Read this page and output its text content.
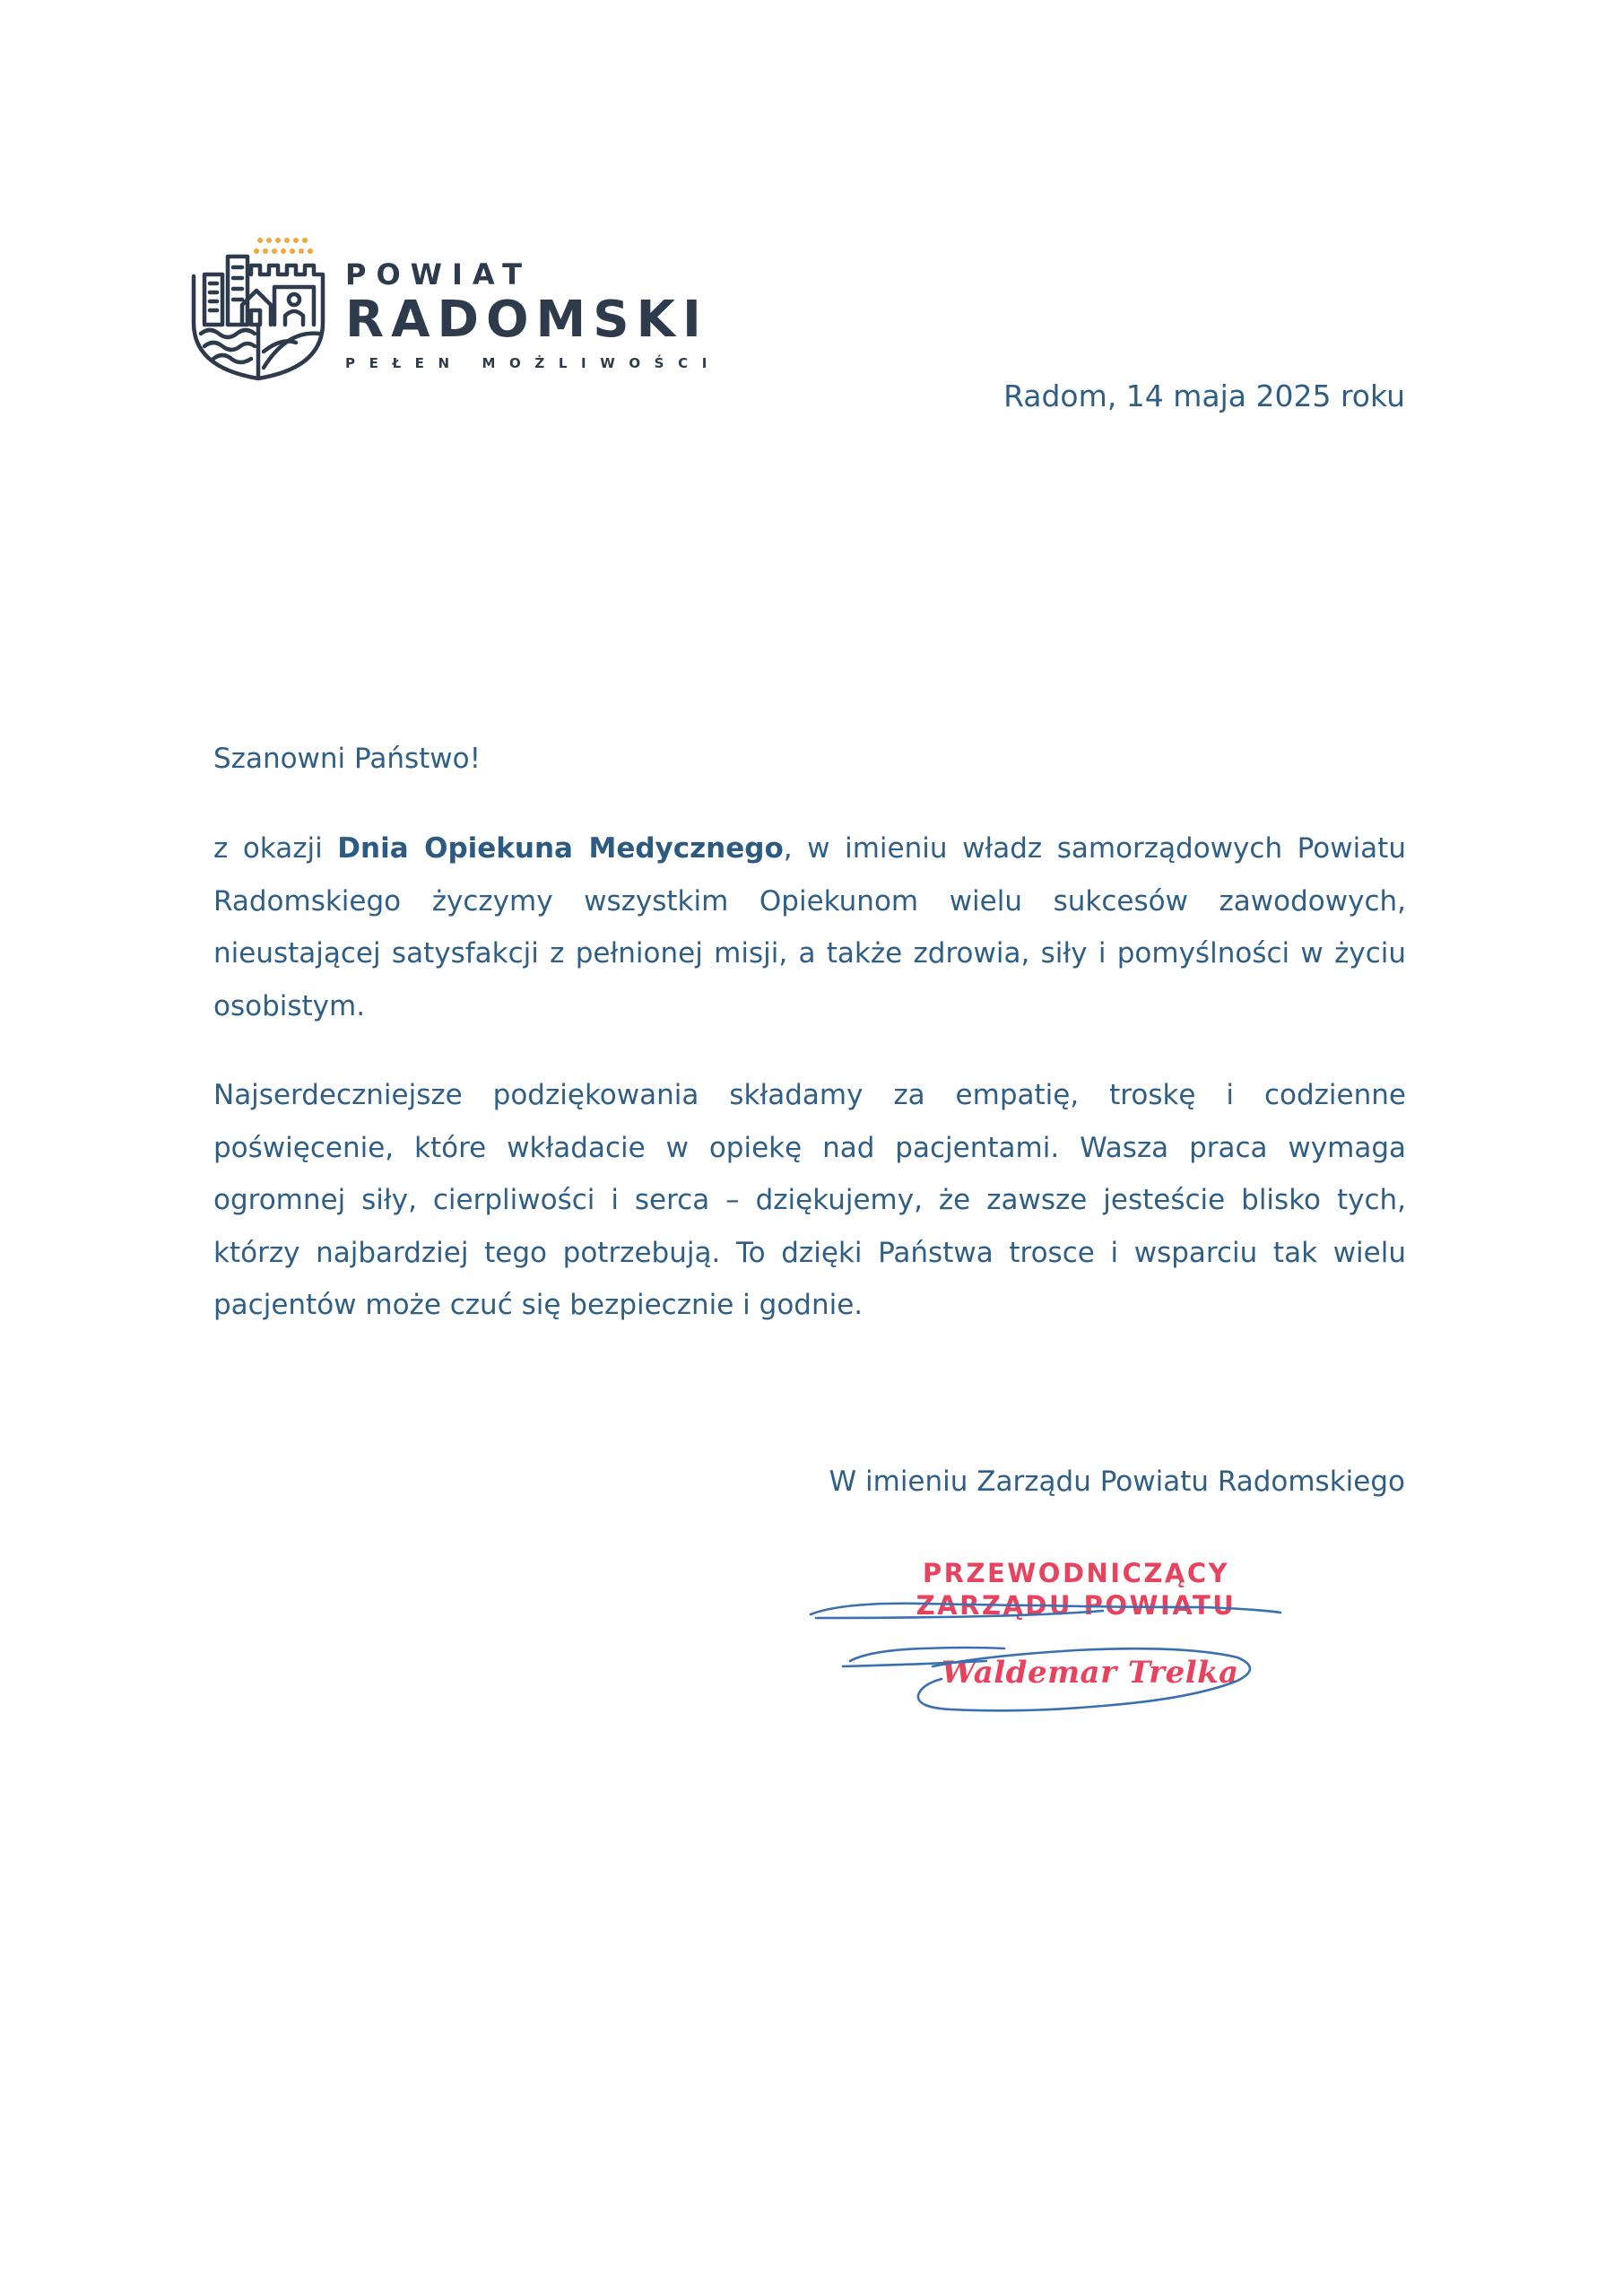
POWIAT
RADOMSKI
PEŁEN MOŻLIWOŚCI
Radom, 14 maja 2025 roku
Szanowni Państwo!

z okazji Dnia Opiekuna Medycznego, w imieniu władz samorządowych Powiatu Radomskiego życzymy wszystkim Opiekunom wielu sukcesów zawodowych, nieustającej satysfakcji z pełnionej misji, a także zdrowia, siły i pomyślności w życiu osobistym.

Najserdeczniejsze podziękowania składamy za empatię, troskę i codzienne poświęcenie, które wkładacie w opiekę nad pacjentami. Wasza praca wymaga ogromnej siły, cierpliwości i serca – dziękujemy, że zawsze jesteście blisko tych, którzy najbardziej tego potrzebują. To dzięki Państwa trosce i wsparciu tak wielu pacjentów może czuć się bezpiecznie i godnie.

W imieniu Zarządu Powiatu Radomskiego
PRZEWODNICZĄCY
ZARZĄDU POWIATU
Waldemar Trelka
